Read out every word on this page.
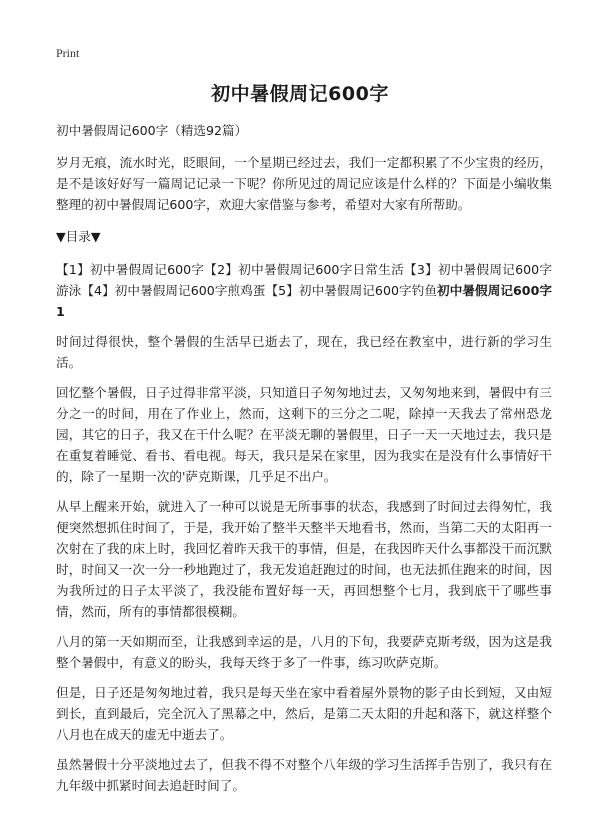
Print
初中暑假周记600字

初中暑假周记600字（精选92篇）

岁月无痕，流水时光，眨眼间，一个星期已经过去，我们一定都积累了不少宝贵的经历，是不是该好好写一篇周记记录一下呢？你所见过的周记应该是什么样的？下面是小编收集整理的初中暑假周记600字，欢迎大家借鉴与参考，希望对大家有所帮助。

▼目录▼

【1】初中暑假周记600字【2】初中暑假周记600字日常生活【3】初中暑假周记600字游泳【4】初中暑假周记600字煎鸡蛋【5】初中暑假周记600字钓鱼初中暑假周记600字 1

时间过得很快，整个暑假的生活早已逝去了，现在，我已经在教室中，进行新的学习生活。

回忆整个暑假，日子过得非常平淡，只知道日子匆匆地过去，又匆匆地来到，暑假中有三分之一的时间，用在了作业上，然而，这剩下的三分之二呢，除掉一天我去了常州恐龙园，其它的日子，我又在干什么呢？在平淡无聊的暑假里，日子一天一天地过去，我只是在重复着睡觉、看书、看电视。每天，我只是呆在家里，因为我实在是没有什么事情好干的，除了一星期一次的'萨克斯课，几乎足不出户。

从早上醒来开始，就进入了一种可以说是无所事事的状态，我感到了时间过去得匆忙，我便突然想抓住时间了，于是，我开始了整半天整半天地看书，然而，当第二天的太阳再一次射在了我的床上时，我回忆着昨天我干的事情，但是，在我因昨天什么事都没干而沉默时，时间又一次一分一秒地跑过了，我无发追赶跑过的时间，也无法抓住跑来的时间，因为我所过的日子太平淡了，我没能布置好每一天，再回想整个七月，我到底干了哪些事情，然而，所有的事情都很模糊。

八月的第一天如期而至，让我感到幸运的是，八月的下旬，我要萨克斯考级，因为这是我整个暑假中，有意义的盼头，我每天终于多了一件事，练习吹萨克斯。

但是，日子还是匆匆地过着，我只是每天坐在家中看着屋外景物的影子由长到短，又由短到长，直到最后，完全沉入了黑幕之中，然后，是第二天太阳的升起和落下，就这样整个八月也在成天的虚无中逝去了。

虽然暑假十分平淡地过去了，但我不得不对整个八年级的学习生活挥手告别了，我只有在九年级中抓紧时间去追赶时间了。
